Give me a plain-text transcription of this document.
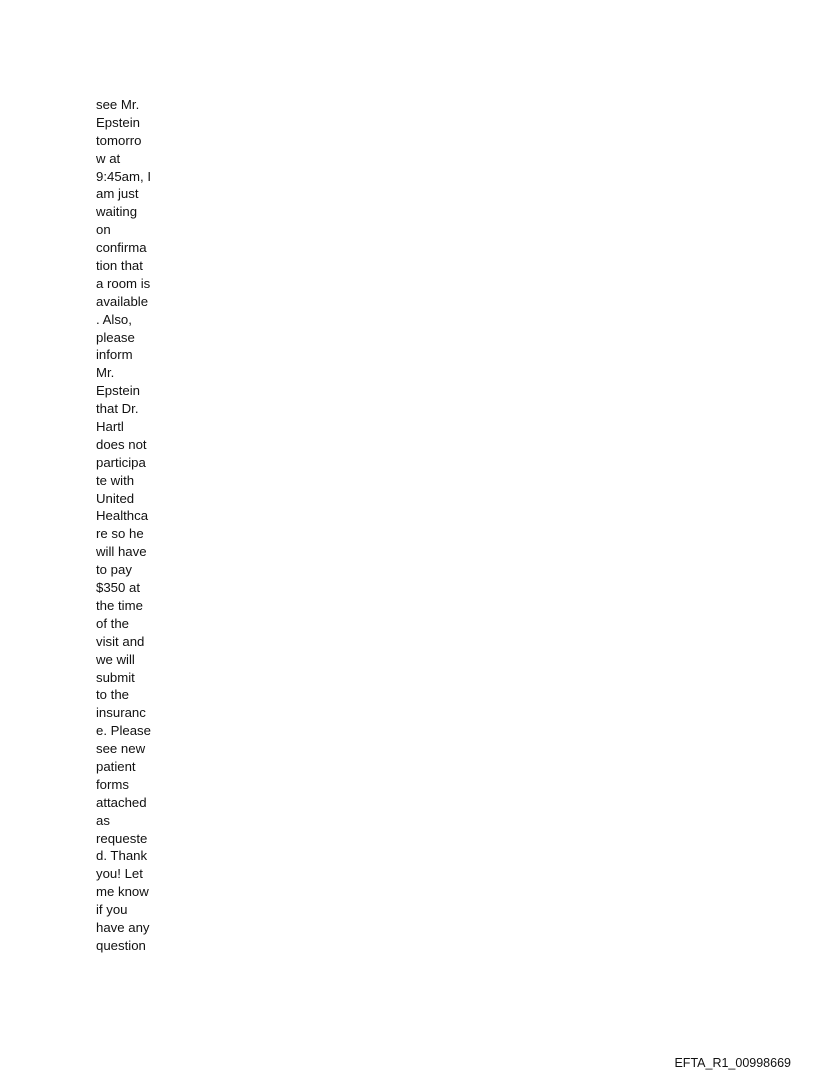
see Mr.
Epstein
tomorro
w at
9:45am, I
am just
waiting
on
confirma
tion that
a room is
available
. Also,
please
inform
Mr.
Epstein
that Dr.
Hartl
does not
participa
te with
United
Healthca
re so he
will have
to pay
$350 at
the time
of the
visit and
we will
submit
to the
insuranc
e. Please
see new
patient
forms
attached
as
requeste
d. Thank
you! Let
me know
if you
have any
question
EFTA_R1_00998669
